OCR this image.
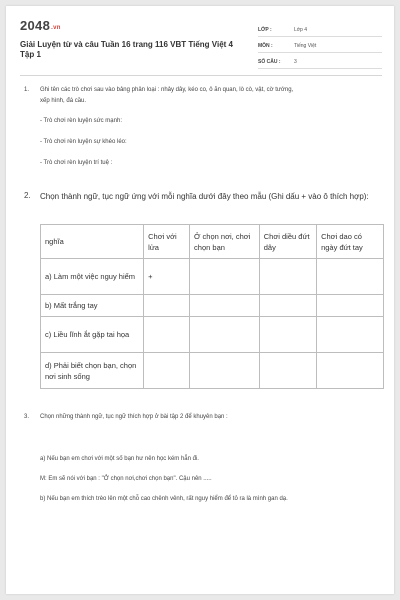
2048.vn
Giải Luyện từ và câu Tuần 16 trang 116 VBT Tiếng Việt 4 Tập 1
LỚP :	Lớp 4
MÔN :	Tiếng Việt
SỐ CÂU :	3
1. Ghi tên các trò chơi sau vào bảng phân loại : nhảy dây, kéo co, ô ăn quan, lò cò, vật, cờ tướng,
xếp hình, đá cầu.
- Trò chơi rèn luyện sức mạnh:
- Trò chơi rèn luyện sự khéo léo:
- Trò chơi rèn luyện trí tuệ :
2. Chọn thành ngữ, tục ngữ ứng với mỗi nghĩa dưới đây theo mẫu (Ghi dấu + vào ô thích hợp):
nghĩa	Chơi với lửa	Ở chọn nơi, chơi chọn bạn	Chơi diều đứt dây	Chơi dao có ngày đứt tay
a) Làm một việc nguy hiểm	+			
b) Mất trắng tay				
c) Liều lĩnh ắt gặp tai họa				
d) Phải biết chọn bạn, chọn nơi sinh sống				
3. Chọn những thành ngữ, tục ngữ thích hợp ở bài tập 2 để khuyên bạn :
a) Nếu bạn em chơi với một số bạn hư nên học kém hẳn đi.
M: Em sẽ nói với bạn : "Ở chọn nơi,chơi chọn bạn". Cậu nên .....
b) Nếu bạn em thích trèo lên một chỗ cao chênh vênh, rất nguy hiểm để tỏ ra là mình gan dạ.
